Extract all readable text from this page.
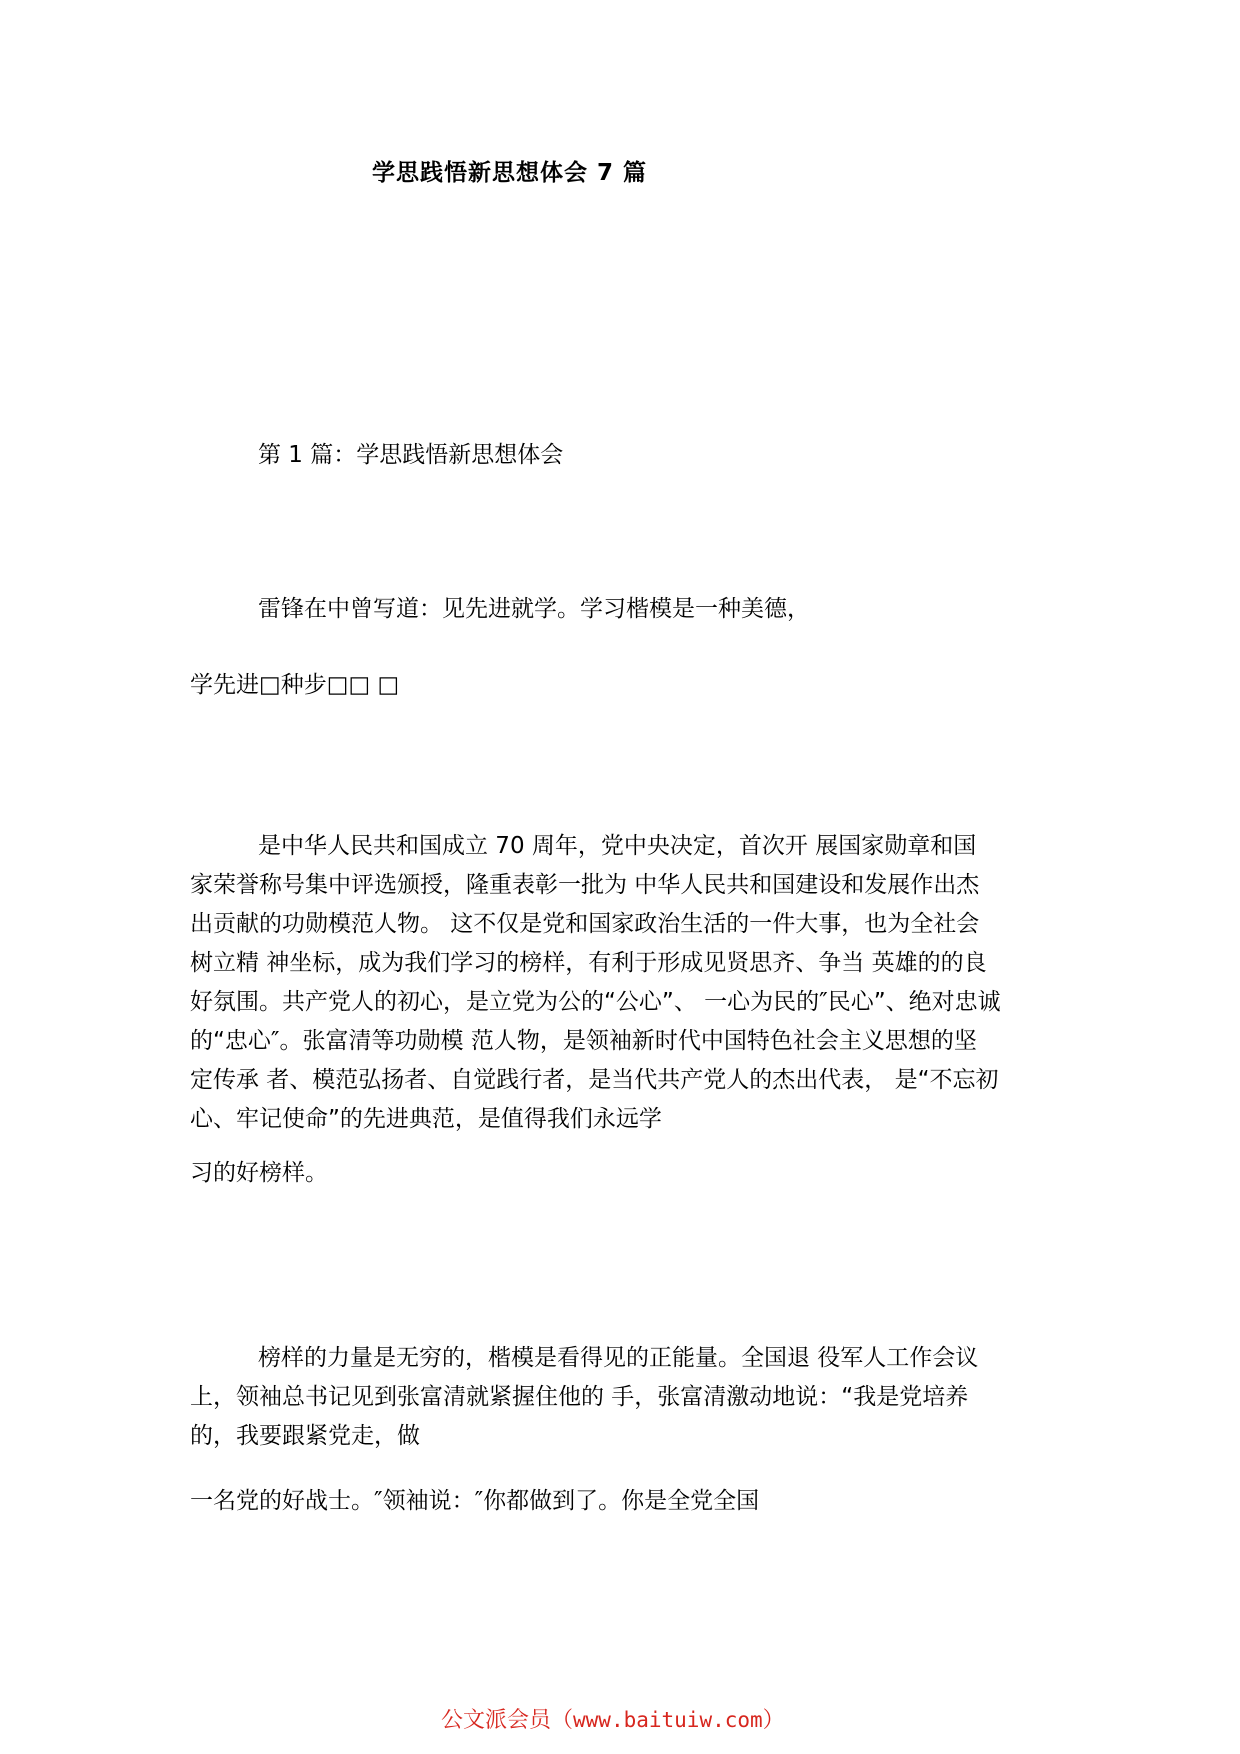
学思践悟新思想体会 7 篇
第 1 篇：学思践悟新思想体会
雷锋在中曾写道：见先进就学。学习楷模是一种美德，
学先进□种步□□ □
是中华人民共和国成立 70 周年，党中央决定，首次开 展国家勋章和国
家荣誉称号集中评选颁授，隆重表彰一批为 中华人民共和国建设和发展作出杰
出贡献的功勋模范人物。 这不仅是党和国家政治生活的一件大事，也为全社会
树立精 神坐标，成为我们学习的榜样，有利于形成见贤思齐、争当 英雄的的良
好氛围。共产党人的初心，是立党为公的“公心”、 一心为民的″民心”、绝对忠诚
的“忠心″。张富清等功勋模 范人物，是领袖新时代中国特色社会主义思想的坚
定传承 者、模范弘扬者、自觉践行者，是当代共产党人的杰出代表， 是“不忘初
心、牢记使命”的先进典范，是值得我们永远学
习的好榜样。
榜样的力量是无穷的，楷模是看得见的正能量。全国退 役军人工作会议
上，领袖总书记见到张富清就紧握住他的 手，张富清激动地说：“我是党培养
的，我要跟紧党走，做
一名党的好战士。″领袖说：″你都做到了。你是全党全国
公文派会员（www.baituiw.com）
